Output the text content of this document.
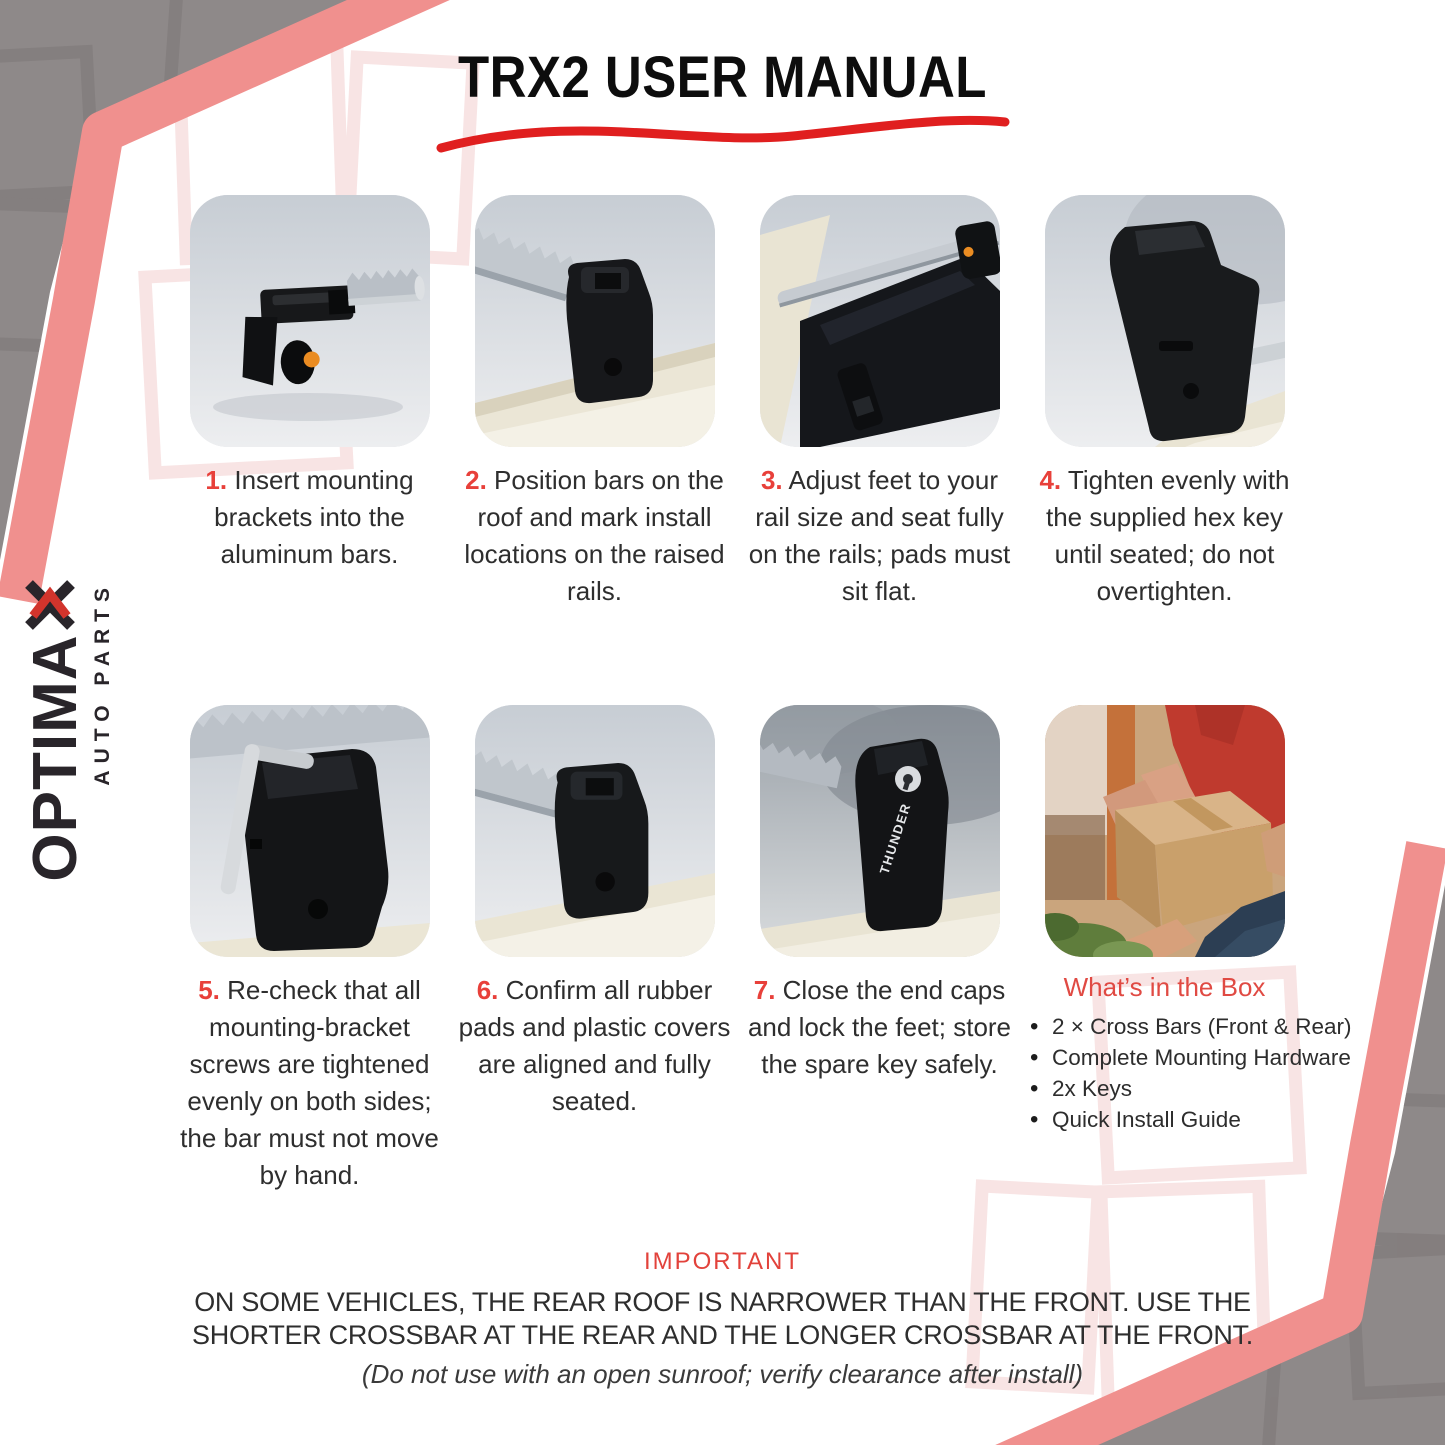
TRX2 USER MANUAL
OPTIMA AUTO PARTS

1. Insert mounting brackets into the aluminum bars.

2. Position bars on the roof and mark install locations on the raised rails.

3. Adjust feet to your rail size and seat fully on the rails; pads must sit flat.

4. Tighten evenly with the supplied hex key until seated; do not overtighten.

5. Re-check that all mounting-bracket screws are tightened evenly on both sides; the bar must not move by hand.

6. Confirm all rubber pads and plastic covers are aligned and fully seated.

THUNDER

7. Close the end caps and lock the feet; store the spare key safely.

What’s in the Box
• 2 × Cross Bars (Front & Rear)
• Complete Mounting Hardware
• 2x Keys
• Quick Install Guide
IMPORTANT
ON SOME VEHICLES, THE REAR ROOF IS NARROWER THAN THE FRONT. USE THE
SHORTER CROSSBAR AT THE REAR AND THE LONGER CROSSBAR AT THE FRONT.
(Do not use with an open sunroof; verify clearance after install)
